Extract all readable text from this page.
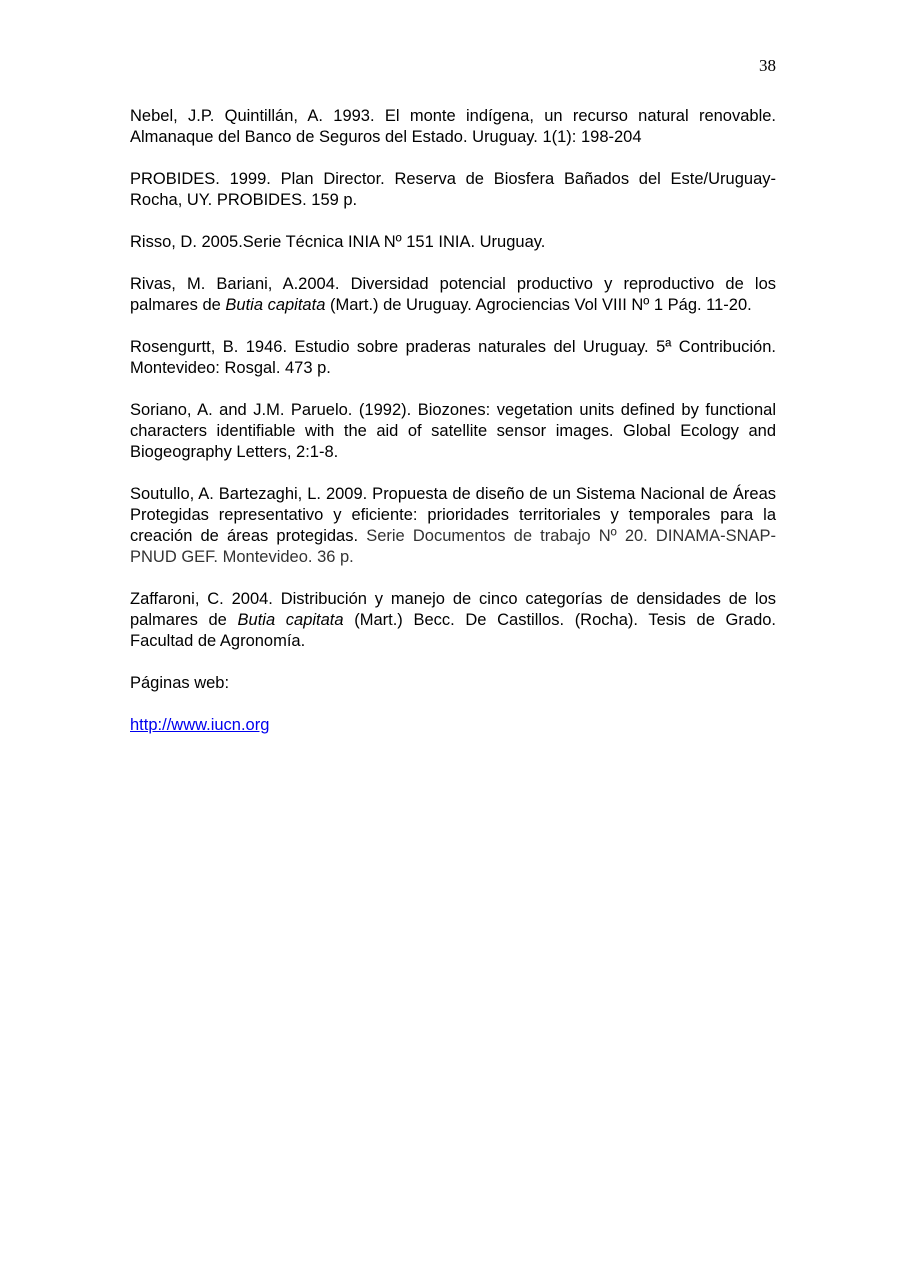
38

Nebel, J.P. Quintillán, A. 1993. El monte indígena, un recurso natural renovable. Almanaque del Banco de Seguros del Estado. Uruguay. 1(1): 198-204

PROBIDES. 1999. Plan Director. Reserva de Biosfera Bañados del Este/Uruguay-Rocha, UY. PROBIDES. 159 p.

Risso, D. 2005.Serie Técnica INIA Nº 151 INIA. Uruguay.

Rivas, M. Bariani, A.2004. Diversidad potencial productivo y reproductivo de los palmares de Butia capitata (Mart.) de Uruguay. Agrociencias Vol VIII Nº 1 Pág. 11-20.

Rosengurtt, B. 1946. Estudio sobre praderas naturales del Uruguay. 5ª Contribución. Montevideo: Rosgal. 473 p.

Soriano, A. and J.M. Paruelo. (1992). Biozones: vegetation units defined by functional characters identifiable with the aid of satellite sensor images. Global Ecology and Biogeography Letters, 2:1-8.

Soutullo, A. Bartezaghi, L. 2009. Propuesta de diseño de un Sistema Nacional de Áreas Protegidas representativo y eficiente: prioridades territoriales y temporales para la creación de áreas protegidas. Serie Documentos de trabajo Nº 20. DINAMA-SNAP-PNUD GEF. Montevideo. 36 p.

Zaffaroni, C. 2004. Distribución y manejo de cinco categorías de densidades de los palmares de Butia capitata (Mart.) Becc. De Castillos. (Rocha). Tesis de Grado. Facultad de Agronomía.

Páginas web:

http://www.iucn.org
